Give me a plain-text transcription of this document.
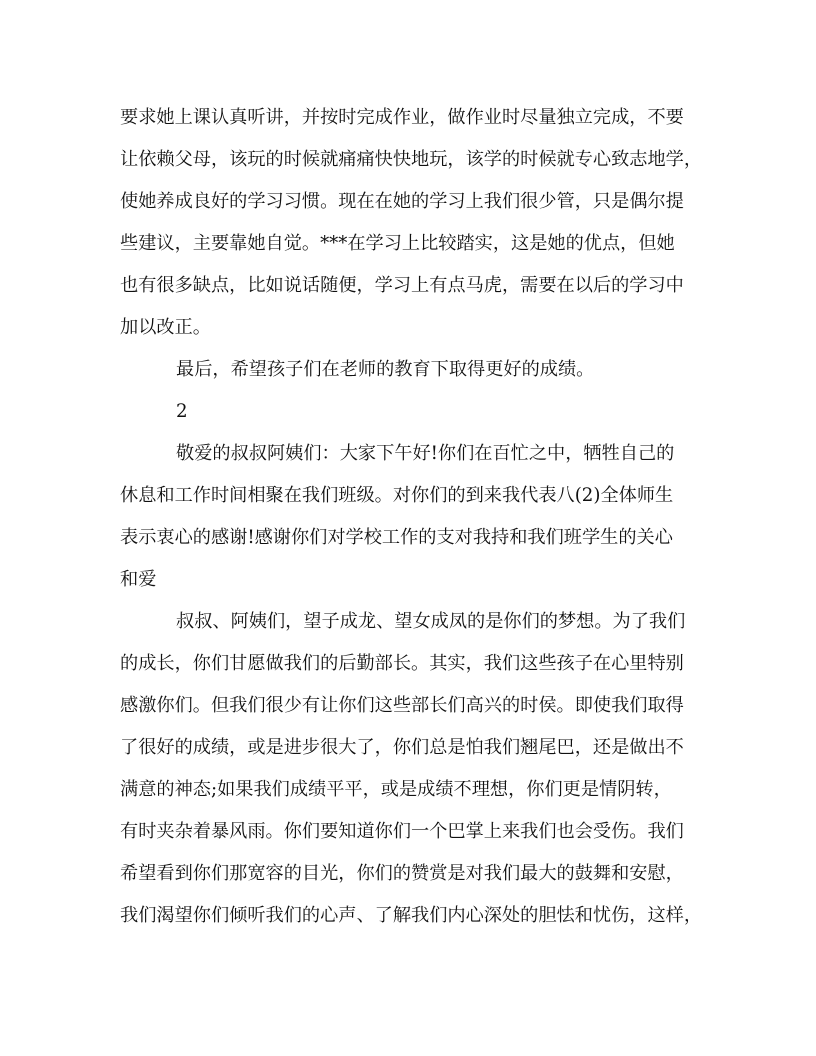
要求她上课认真听讲，并按时完成作业，做作业时尽量独立完成，不要
让依赖父母，该玩的时候就痛痛快快地玩，该学的时候就专心致志地学，
使她养成良好的学习习惯。现在在她的学习上我们很少管，只是偶尔提
些建议，主要靠她自觉。***在学习上比较踏实，这是她的优点，但她
也有很多缺点，比如说话随便，学习上有点马虎，需要在以后的学习中
加以改正。
最后，希望孩子们在老师的教育下取得更好的成绩。
2
敬爱的叔叔阿姨们：大家下午好!你们在百忙之中，牺牲自己的
休息和工作时间相聚在我们班级。对你们的到来我代表八(2)全体师生
表示衷心的感谢!感谢你们对学校工作的支对我持和我们班学生的关心
和爱
叔叔、阿姨们，望子成龙、望女成凤的是你们的梦想。为了我们
的成长，你们甘愿做我们的后勤部长。其实，我们这些孩子在心里特别
感激你们。但我们很少有让你们这些部长们高兴的时侯。即使我们取得
了很好的成绩，或是进步很大了，你们总是怕我们翘尾巴，还是做出不
满意的神态;如果我们成绩平平，或是成绩不理想，你们更是情阴转，
有时夹杂着暴风雨。你们要知道你们一个巴掌上来我们也会受伤。我们
希望看到你们那宽容的目光，你们的赞赏是对我们最大的鼓舞和安慰，
我们渴望你们倾听我们的心声、了解我们内心深处的胆怯和忧伤，这样，
